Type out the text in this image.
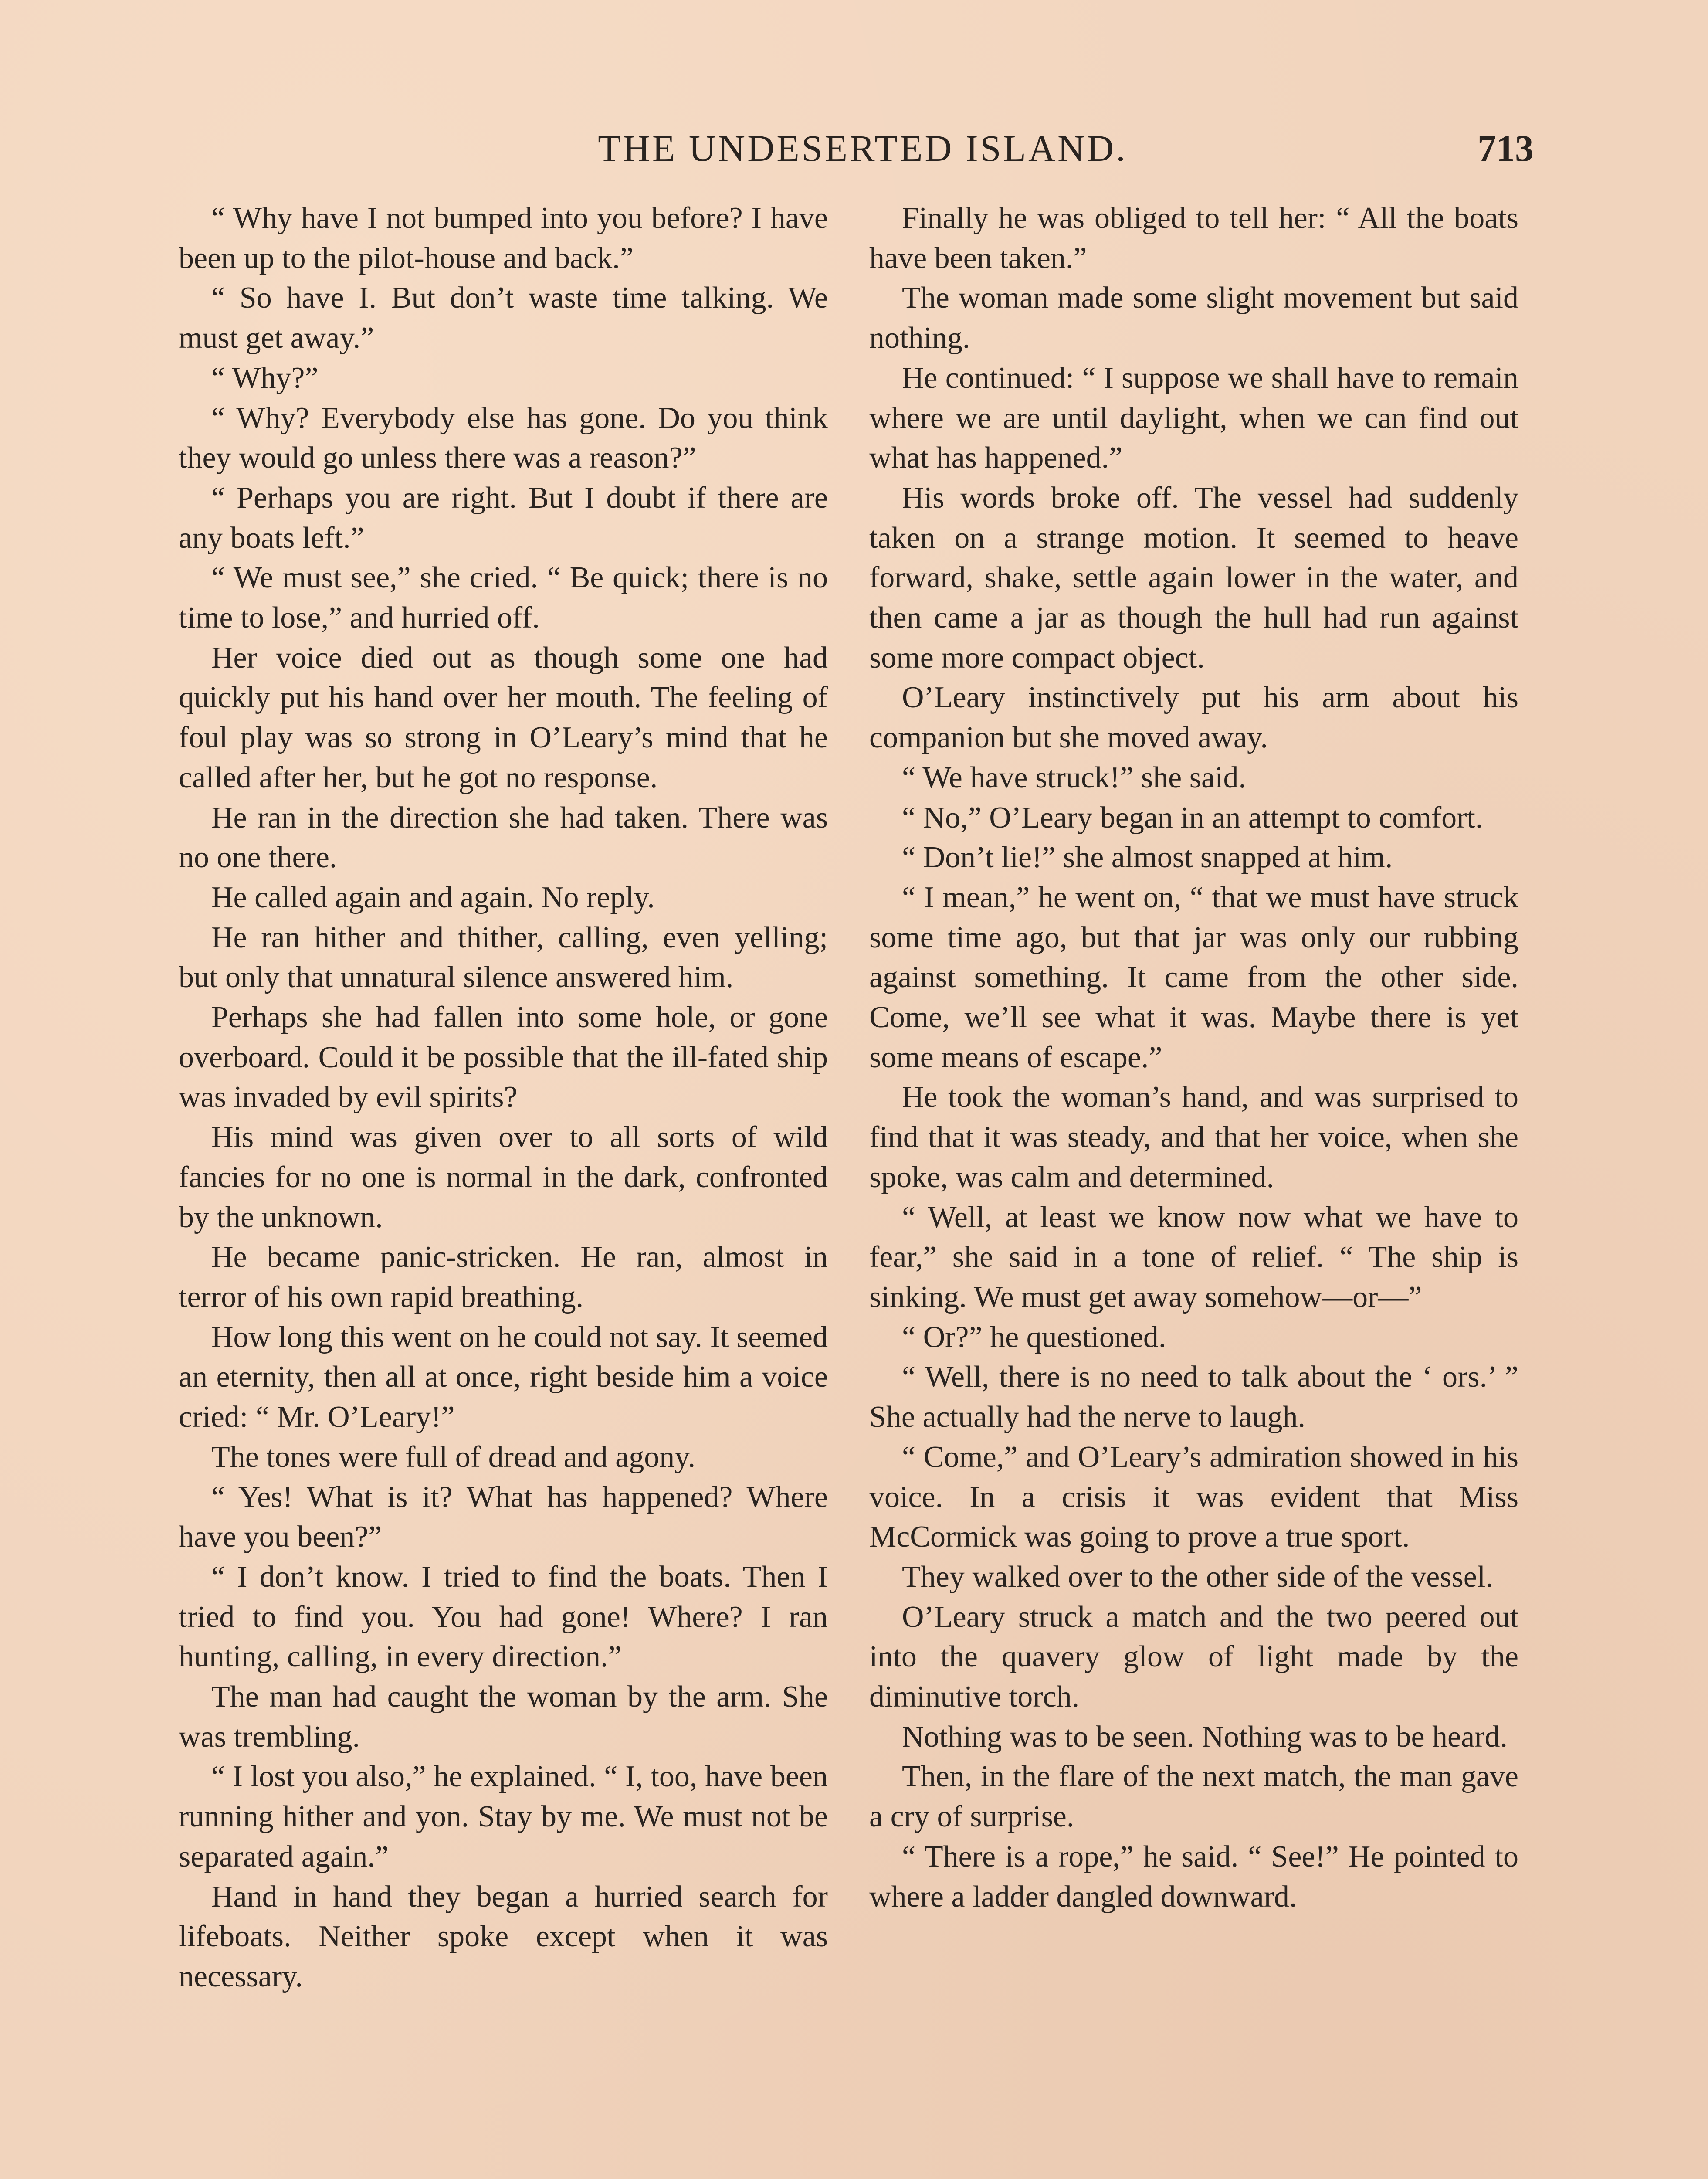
THE UNDESERTED ISLAND.	713

“ Why have I not bumped into you before? I have been up to the pilot-house and back.”

“ So have I. But don’t waste time talking. We must get away.”

“ Why?”

“ Why? Everybody else has gone. Do you think they would go unless there was a reason?”

“ Perhaps you are right. But I doubt if there are any boats left.”

“ We must see,” she cried. “ Be quick; there is no time to lose,” and hurried off.

Her voice died out as though some one had quickly put his hand over her mouth. The feeling of foul play was so strong in O’Leary’s mind that he called after her, but he got no response.

He ran in the direction she had taken. There was no one there.

He called again and again. No reply.

He ran hither and thither, calling, even yelling; but only that unnatural silence answered him.

Perhaps she had fallen into some hole, or gone overboard. Could it be possible that the ill-fated ship was invaded by evil spirits?

His mind was given over to all sorts of wild fancies for no one is normal in the dark, confronted by the unknown.

He became panic-stricken. He ran, almost in terror of his own rapid breathing.

How long this went on he could not say. It seemed an eternity, then all at once, right beside him a voice cried: “ Mr. O’Leary!”

The tones were full of dread and agony.

“ Yes! What is it? What has happened? Where have you been?”

“ I don’t know. I tried to find the boats. Then I tried to find you. You had gone! Where? I ran hunting, calling, in every direction.”

The man had caught the woman by the arm. She was trembling.

“ I lost you also,” he explained. “ I, too, have been running hither and yon. Stay by me. We must not be separated again.”

Hand in hand they began a hurried search for lifeboats. Neither spoke except when it was necessary.

Finally he was obliged to tell her: “ All the boats have been taken.”

The woman made some slight movement but said nothing.

He continued: “ I suppose we shall have to remain where we are until daylight, when we can find out what has happened.”

His words broke off. The vessel had suddenly taken on a strange motion. It seemed to heave forward, shake, settle again lower in the water, and then came a jar as though the hull had run against some more compact object.

O’Leary instinctively put his arm about his companion but she moved away.

“ We have struck!” she said.

“ No,” O’Leary began in an attempt to comfort.

“ Don’t lie!” she almost snapped at him.

“ I mean,” he went on, “ that we must have struck some time ago, but that jar was only our rubbing against something. It came from the other side. Come, we’ll see what it was. Maybe there is yet some means of escape.”

He took the woman’s hand, and was surprised to find that it was steady, and that her voice, when she spoke, was calm and determined.

“ Well, at least we know now what we have to fear,” she said in a tone of relief. “ The ship is sinking. We must get away somehow—or—”

“ Or?” he questioned.

“ Well, there is no need to talk about the ‘ ors.’ ” She actually had the nerve to laugh.

“ Come,” and O’Leary’s admiration showed in his voice. In a crisis it was evident that Miss McCormick was going to prove a true sport.

They walked over to the other side of the vessel.

O’Leary struck a match and the two peered out into the quavery glow of light made by the diminutive torch.

Nothing was to be seen. Nothing was to be heard.

Then, in the flare of the next match, the man gave a cry of surprise.

“ There is a rope,” he said. “ See!” He pointed to where a ladder dangled downward.
